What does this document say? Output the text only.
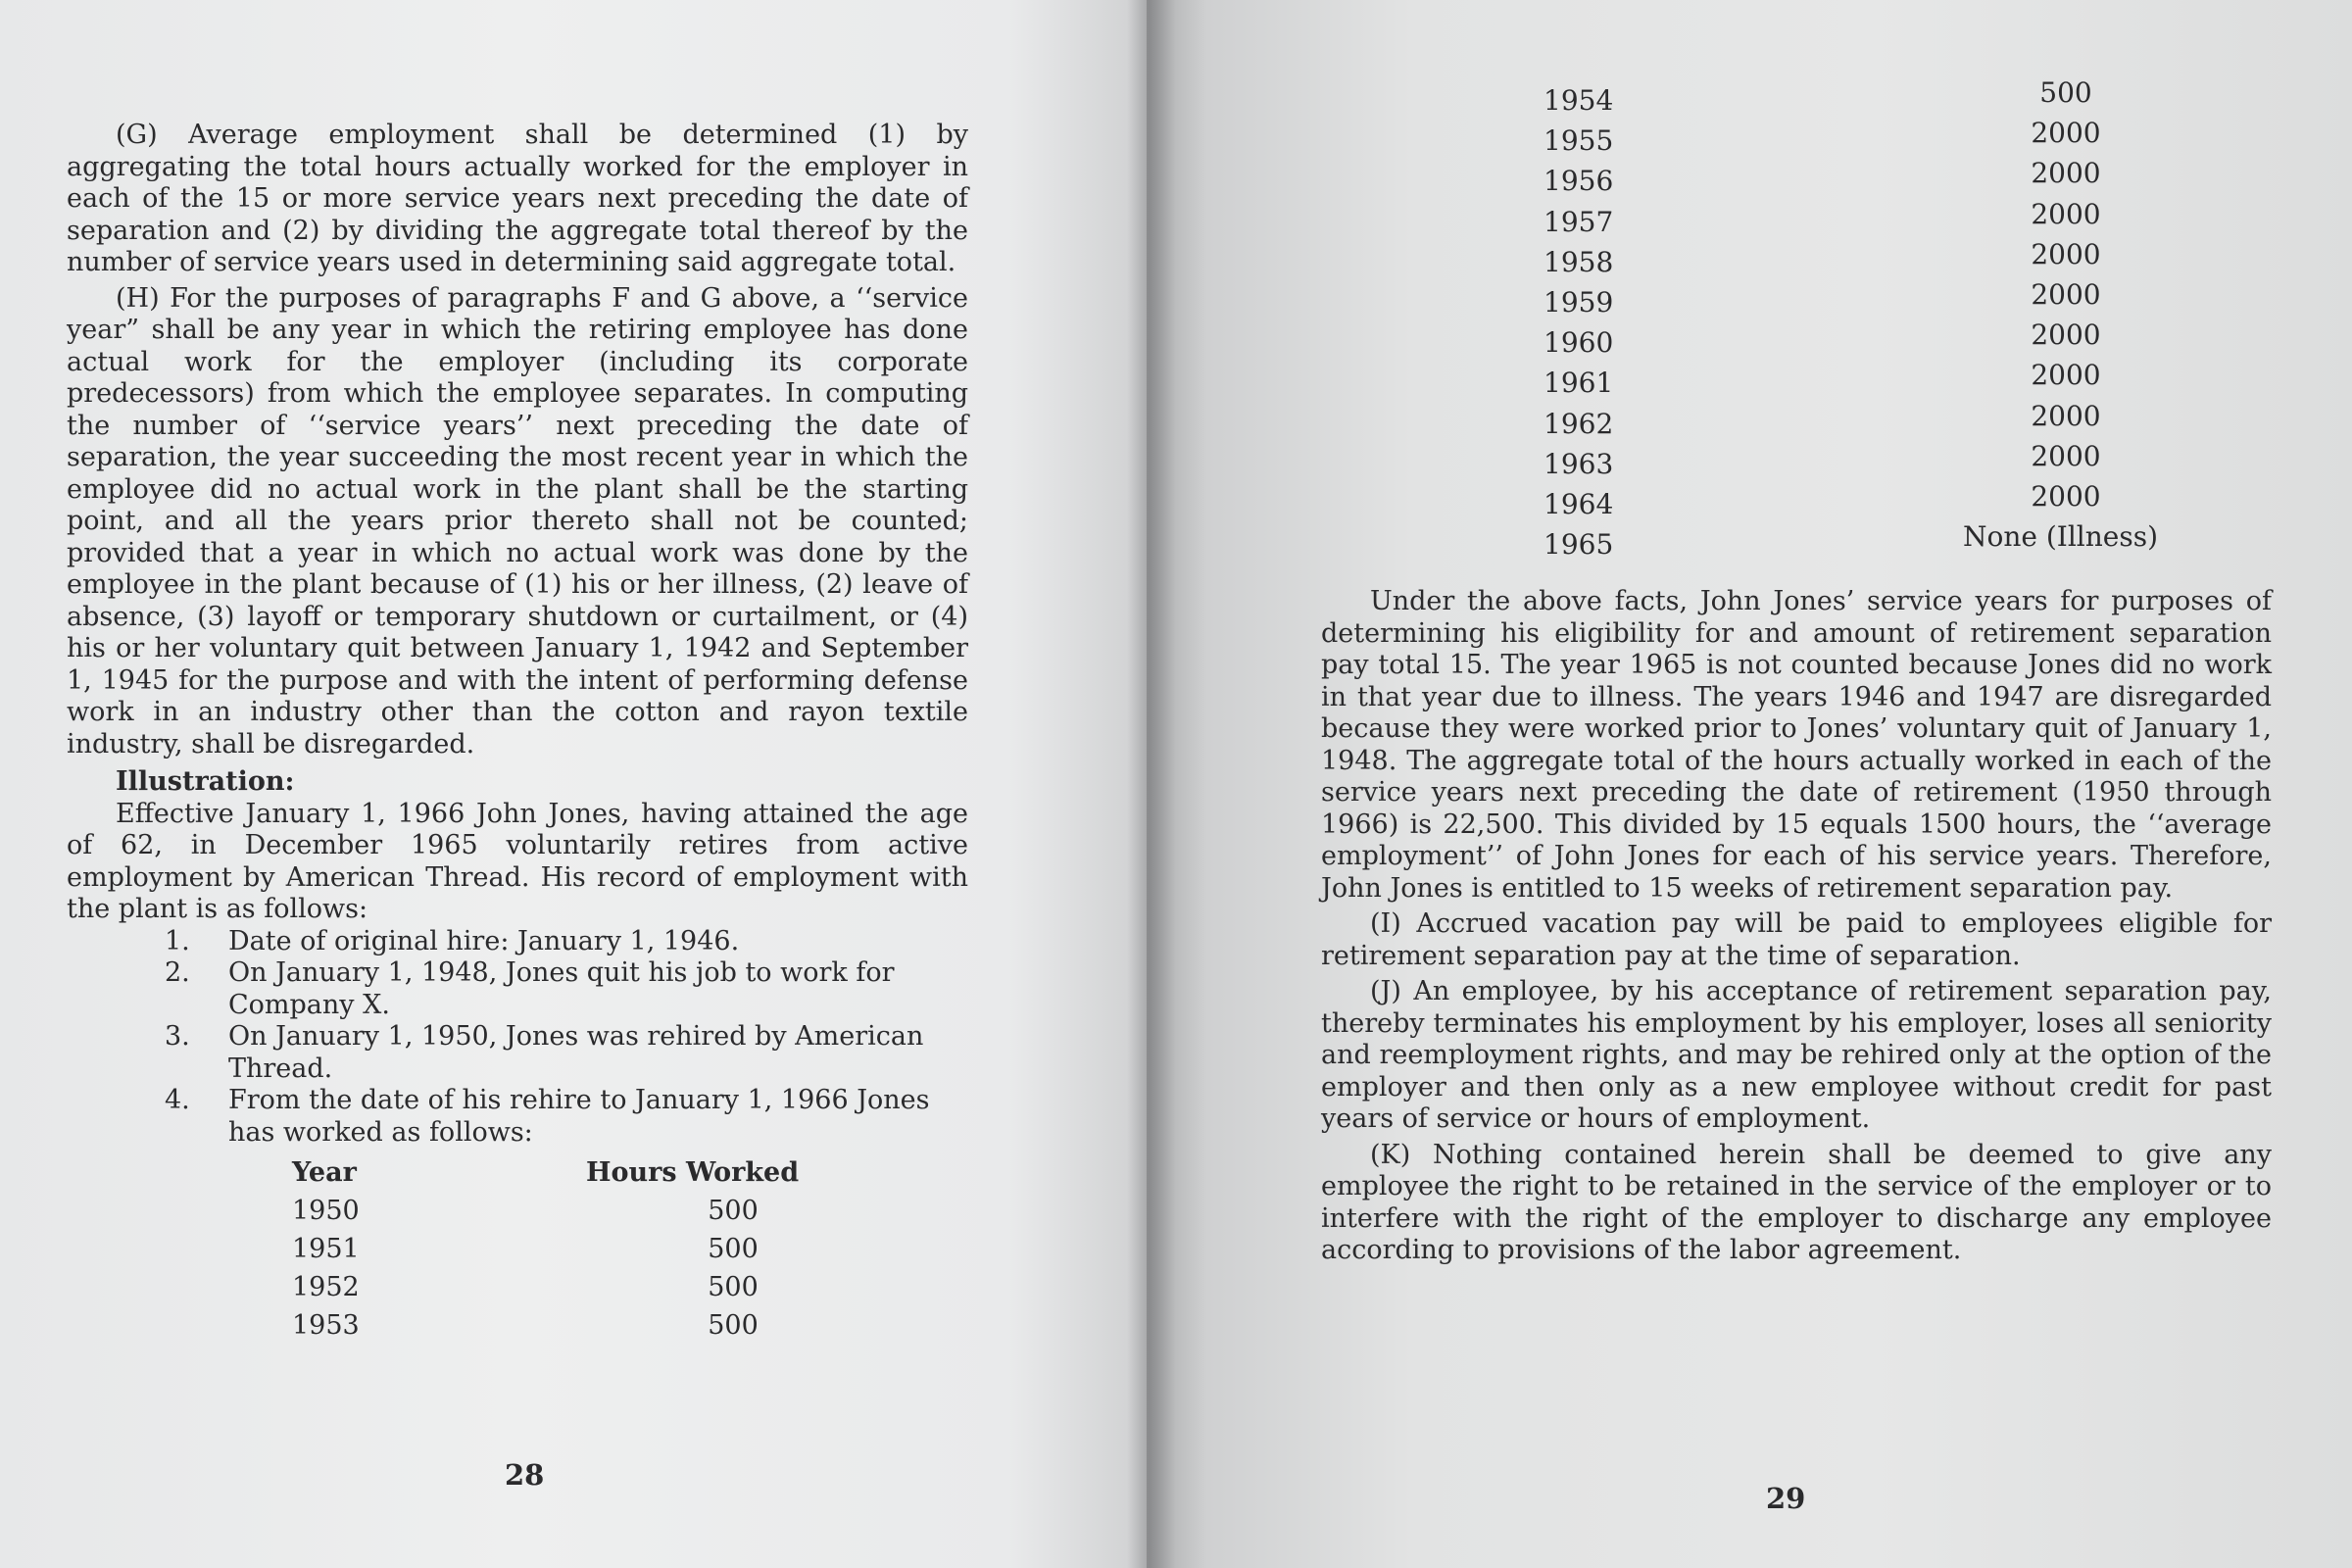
(G) Average employment shall be determined (1) by aggregating the total hours actually worked for the employer in each of the 15 or more service years next preceding the date of separation and (2) by dividing the aggregate total thereof by the number of service years used in determining said aggregate total.

(H) For the purposes of paragraphs F and G above, a ‘‘service year” shall be any year in which the retiring employee has done actual work for the employer (including its corporate predecessors) from which the employee separates. In computing the number of ‘‘service years’’ next preceding the date of separation, the year succeeding the most recent year in which the employee did no actual work in the plant shall be the starting point, and all the years prior thereto shall not be counted; provided that a year in which no actual work was done by the employee in the plant because of (1) his or her illness, (2) leave of absence, (3) layoff or temporary shutdown or curtailment, or (4) his or her voluntary quit between January 1, 1942 and September 1, 1945 for the purpose and with the intent of performing defense work in an industry other than the cotton and rayon textile industry, shall be disregarded.

Illustration:

Effective January 1, 1966 John Jones, having attained the age of 62, in December 1965 voluntarily retires from active employment by American Thread. His record of employment with the plant is as follows:

1. Date of original hire: January 1, 1946.
2. On January 1, 1948, Jones quit his job to work for Company X.
3. On January 1, 1950, Jones was rehired by American Thread.
4. From the date of his rehire to January 1, 1966 Jones has worked as follows:
Year	Hours Worked
1950	500
1951	500
1952	500
1953	500
28
1954	500
1955	2000
1956	2000
1957	2000
1958	2000
1959	2000
1960	2000
1961	2000
1962	2000
1963	2000
1964	2000
1965	None (Illness)

Under the above facts, John Jones’ service years for purposes of determining his eligibility for and amount of retirement separation pay total 15. The year 1965 is not counted because Jones did no work in that year due to illness. The years 1946 and 1947 are disregarded because they were worked prior to Jones’ voluntary quit of January 1, 1948. The aggregate total of the hours actually worked in each of the service years next preceding the date of retirement (1950 through 1966) is 22,500. This divided by 15 equals 1500 hours, the ‘‘average employment’’ of John Jones for each of his service years. Therefore, John Jones is entitled to 15 weeks of retirement separation pay.

(I) Accrued vacation pay will be paid to employees eligible for retirement separation pay at the time of separation.

(J) An employee, by his acceptance of retirement separation pay, thereby terminates his employment by his employer, loses all seniority and reemployment rights, and may be rehired only at the option of the employer and then only as a new employee without credit for past years of service or hours of employment.

(K) Nothing contained herein shall be deemed to give any employee the right to be retained in the service of the employer or to interfere with the right of the employer to discharge any employee according to provisions of the labor agreement.

29
